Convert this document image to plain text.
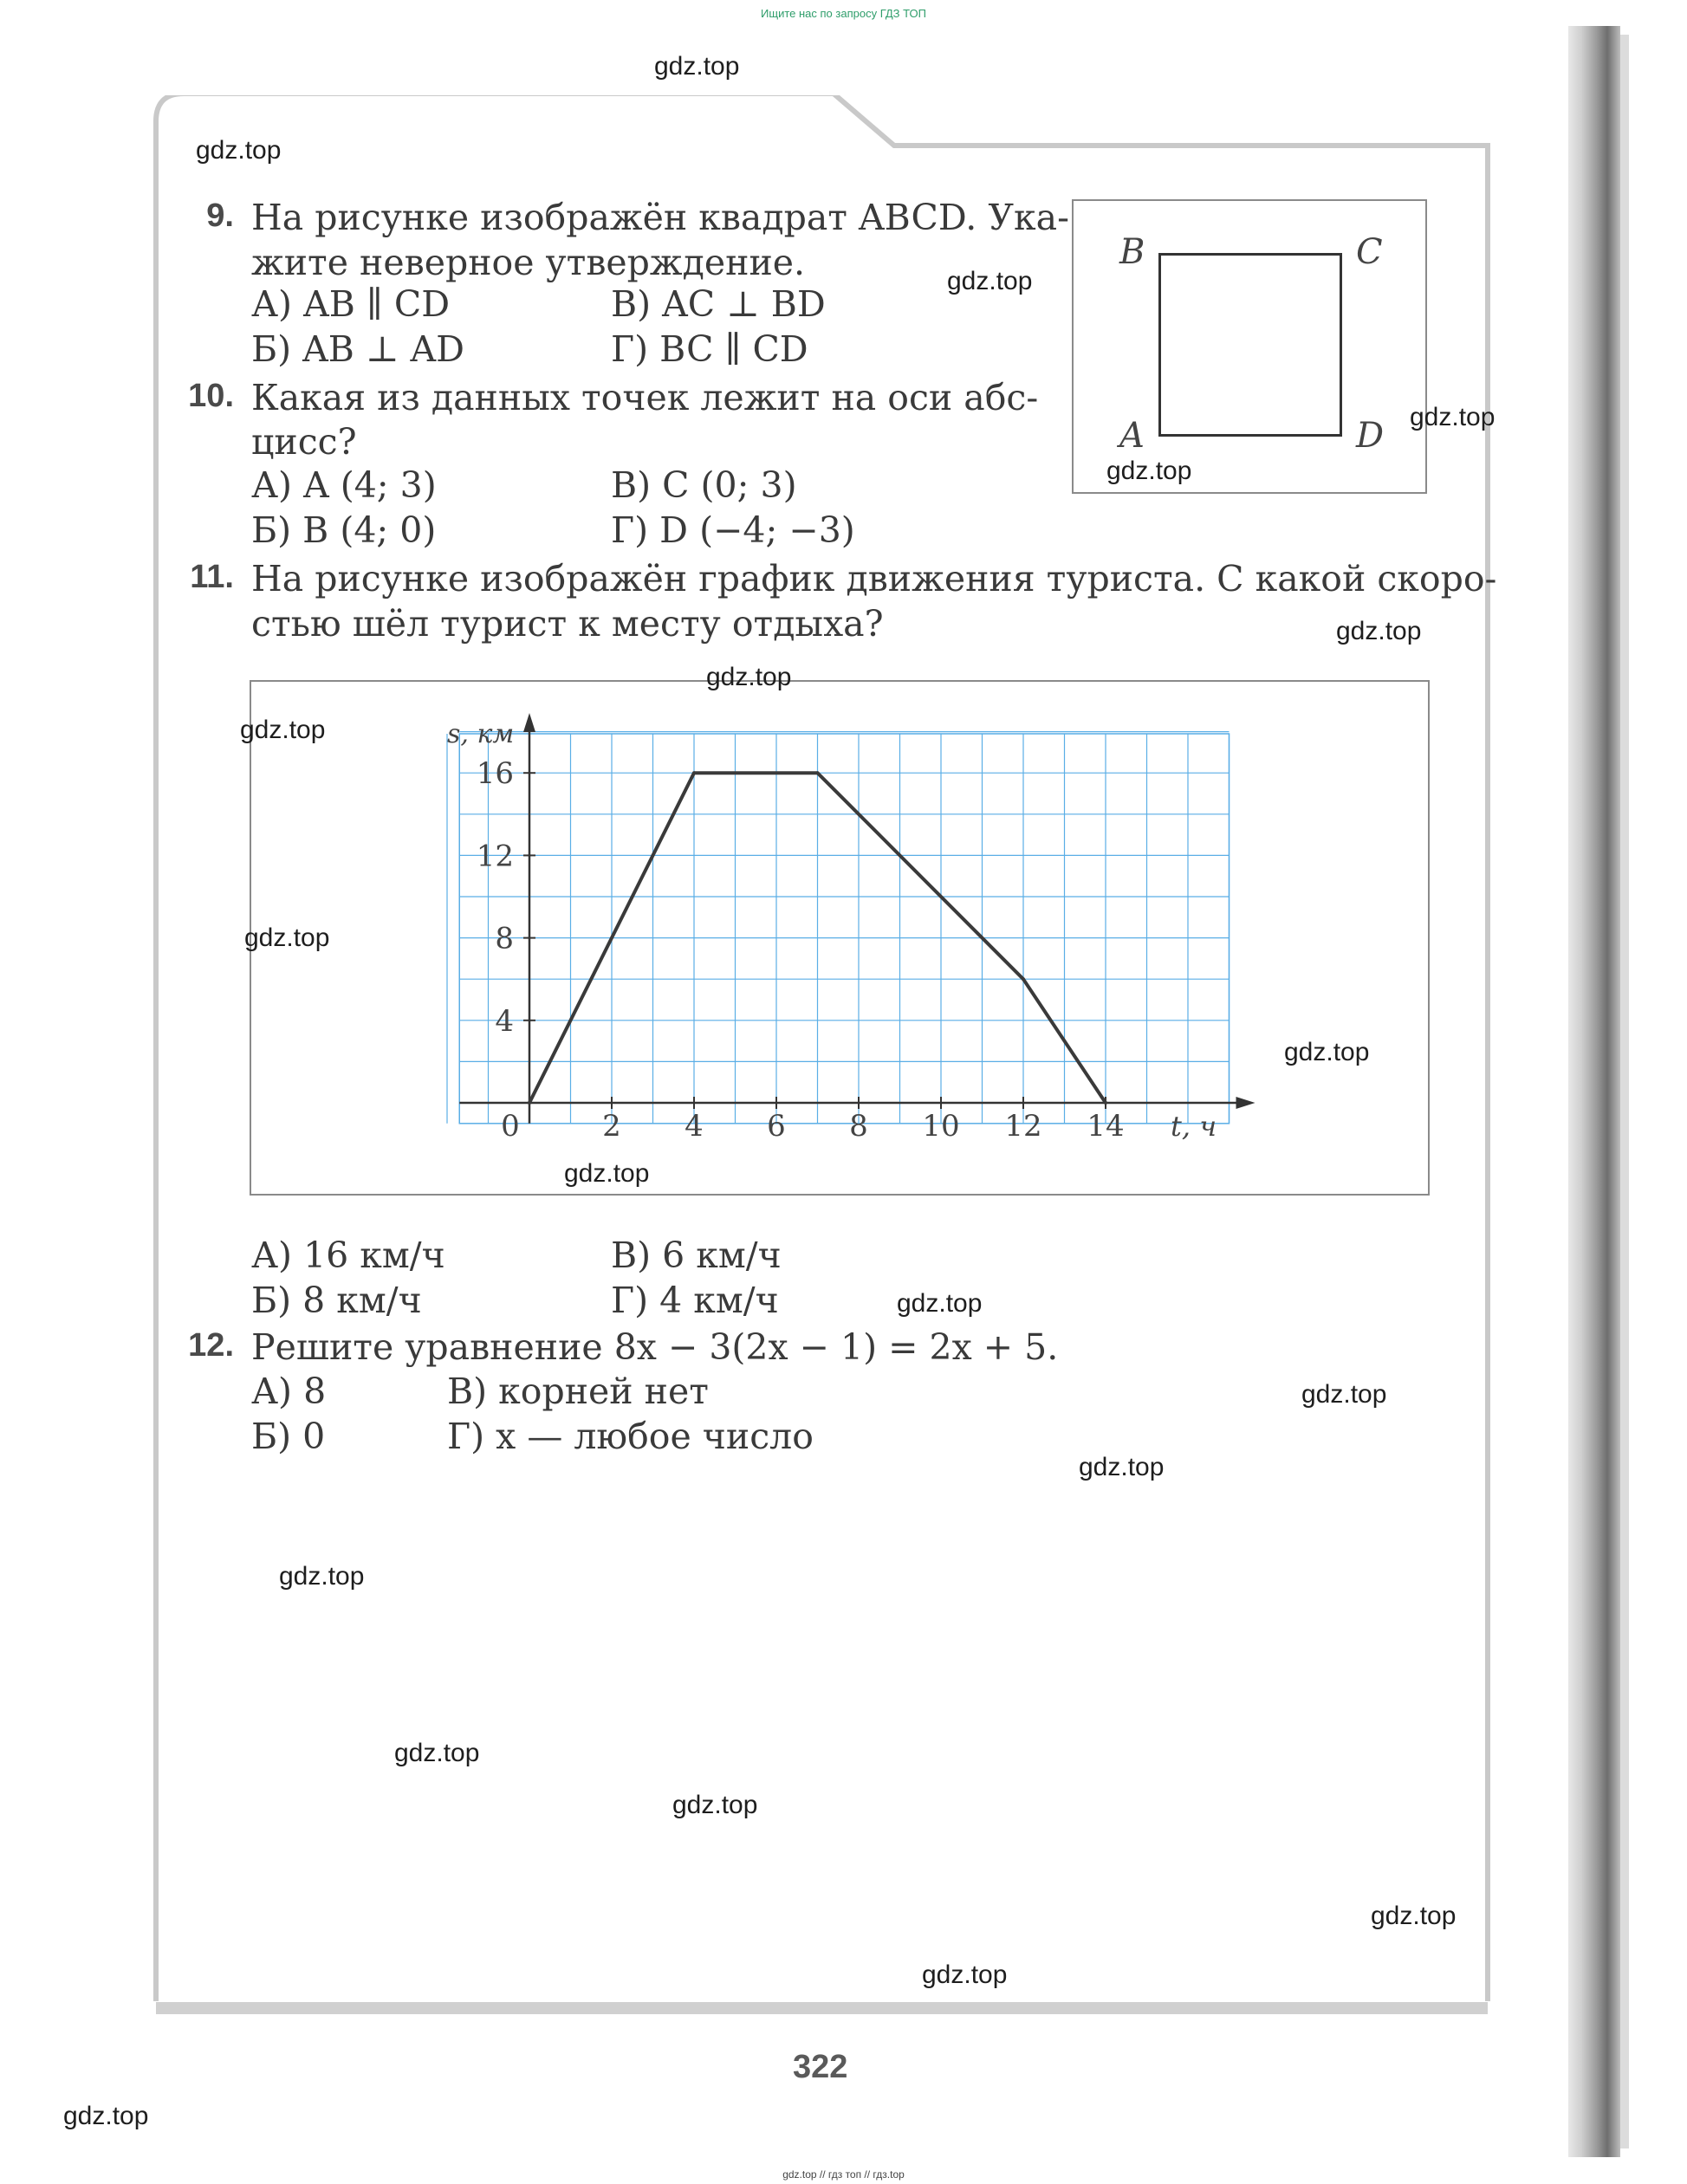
Ищите нас по запросу ГДЗ ТОП
9. На рисунке изображён квадрат ABCD. Ука-
жите неверное утверждение.
А) AB ∥ CD	В) AC ⊥ BD
Б) AB ⊥ AD	Г) BC ∥ CD
B	C
A	D
10. Какая из данных точек лежит на оси абс-
цисс?
А) A (4; 3)	В) C (0; 3)
Б) B (4; 0)	Г) D (−4; −3)
11. На рисунке изображён график движения туриста. С какой скоро-
стью шёл турист к месту отдыха?
0	2 4 6 8 10 12 14
4
8
12
16
s, км
t, ч
А) 16 км/ч	В) 6 км/ч
Б) 8 км/ч	Г) 4 км/ч
12. Решите уравнение 8x − 3(2x − 1) = 2x + 5.
А) 8	В) корней нет
Б) 0	Г) x — любое число
322
gdz.top
gdz.top
gdz.top
gdz.top
gdz.top
gdz.top
gdz.top
gdz.top
gdz.top
gdz.top
gdz.top
gdz.top
gdz.top
gdz.top
gdz.top
gdz.top
gdz.top
gdz.top
gdz.top
gdz.top
gdz.top // гдз топ // гдз.top
